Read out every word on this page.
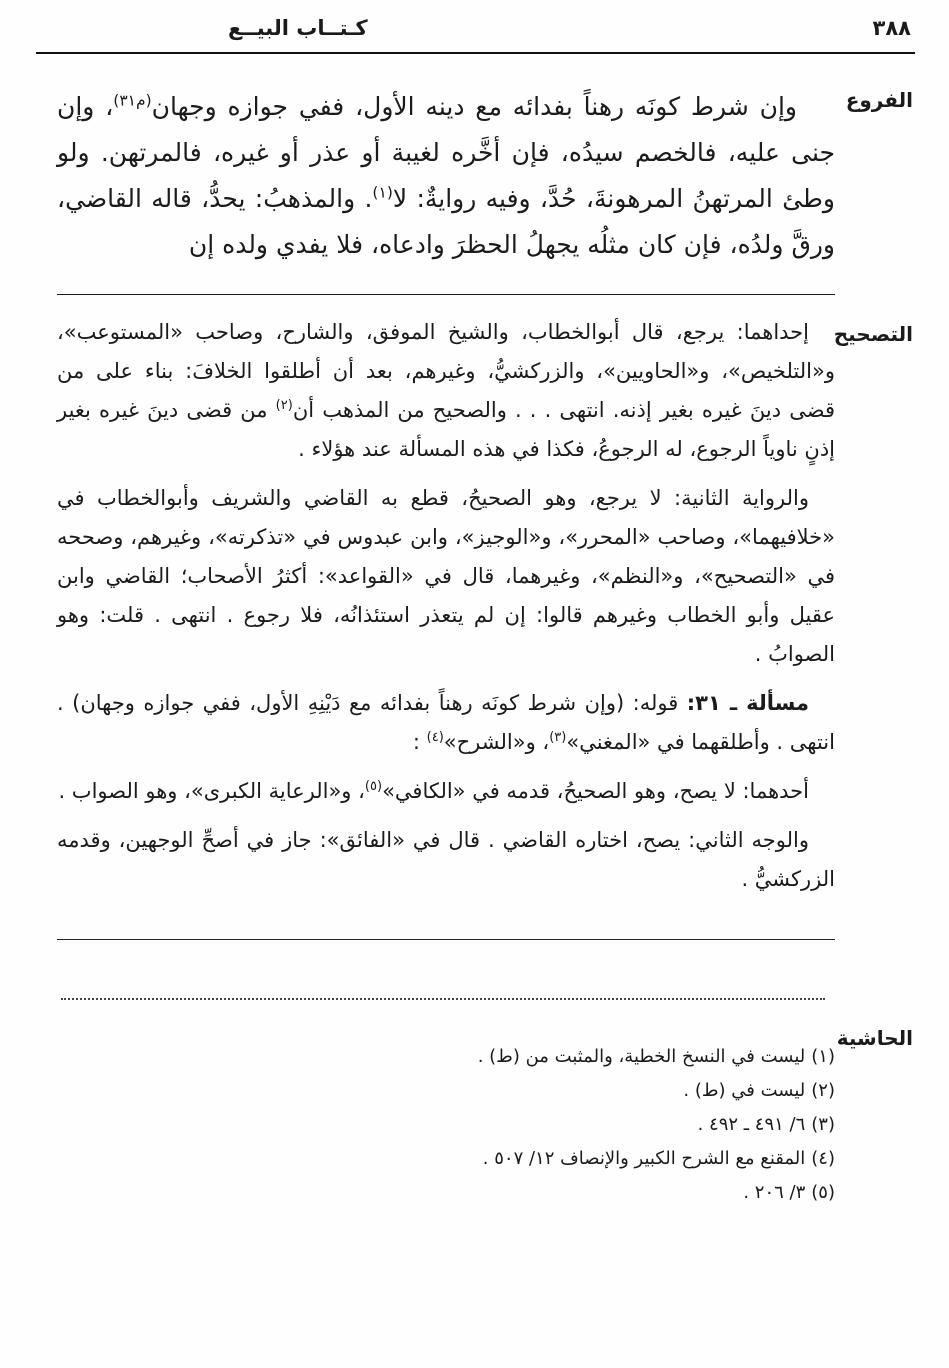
كـتــاب البيــع	٣٨٨
الفروع
التصحيح
الحاشية

وإن شرط كونَه رهناً بفدائه مع دينه الأول، ففي جوازه وجهان$^{(م٣١)}$، وإن جنى عليه، فالخصم سيدُه، فإن أخَّره لغيبة أو عذر أو غيره، فالمرتهن. ولو وطئ المرتهنُ المرهونةَ، حُدَّ، وفيه روايةٌ: لا$^{(١)}$. والمذهبُ: يحدُّ، قاله القاضي، ورقَّ ولدُه، فإن كان مثلُه يجهلُ الحظرَ وادعاه، فلا يفدي ولده إن

إحداهما: يرجع، قال أبوالخطاب، والشيخ الموفق، والشارح، وصاحب «المستوعب»، و«التلخيص»، و«الحاويين»، والزركشيُّ، وغيرهم، بعد أن أطلقوا الخلافَ: بناء على من قضى دينَ غيره بغير إذنه. انتهى . . . والصحيح من المذهب أن$^{(٢)}$ من قضى دينَ غيره بغير إذنٍ ناوياً الرجوع، له الرجوعُ، فكذا في هذه المسألة عند هؤلاء .

والرواية الثانية: لا يرجع، وهو الصحيحُ، قطع به القاضي والشريف وأبوالخطاب في «خلافيهما»، وصاحب «المحرر»، و«الوجيز»، وابن عبدوس في «تذكرته»، وغيرهم، وصححه في «التصحيح»، و«النظم»، وغيرهما، قال في «القواعد»: أكثرُ الأصحاب؛ القاضي وابن عقيل وأبو الخطاب وغيرهم قالوا: إن لم يتعذر استئذانُه، فلا رجوع . انتهى . قلت: وهو الصوابُ .

مسألة ـ ٣١: قوله: (وإن شرط كونَه رهناً بفدائه مع دَيْنِهِ الأول، ففي جوازه وجهان) . انتهى . وأطلقهما في «المغني»$^{(٣)}$، و«الشرح»$^{(٤)}$ :

أحدهما: لا يصح، وهو الصحيحُ، قدمه في «الكافي»$^{(٥)}$، و«الرعاية الكبرى»، وهو الصواب .

والوجه الثاني: يصح، اختاره القاضي . قال في «الفائق»: جاز في أصحِّ الوجهين، وقدمه الزركشيُّ .

(١)ليست في النسخ الخطية، والمثبت من (ط) .
(٢)ليست في (ط) .
(٣)٦/ ٤٩١ ـ ٤٩٢ .
(٤)المقنع مع الشرح الكبير والإنصاف ١٢/ ٥٠٧ .
(٥)٣/ ٢٠٦ .
